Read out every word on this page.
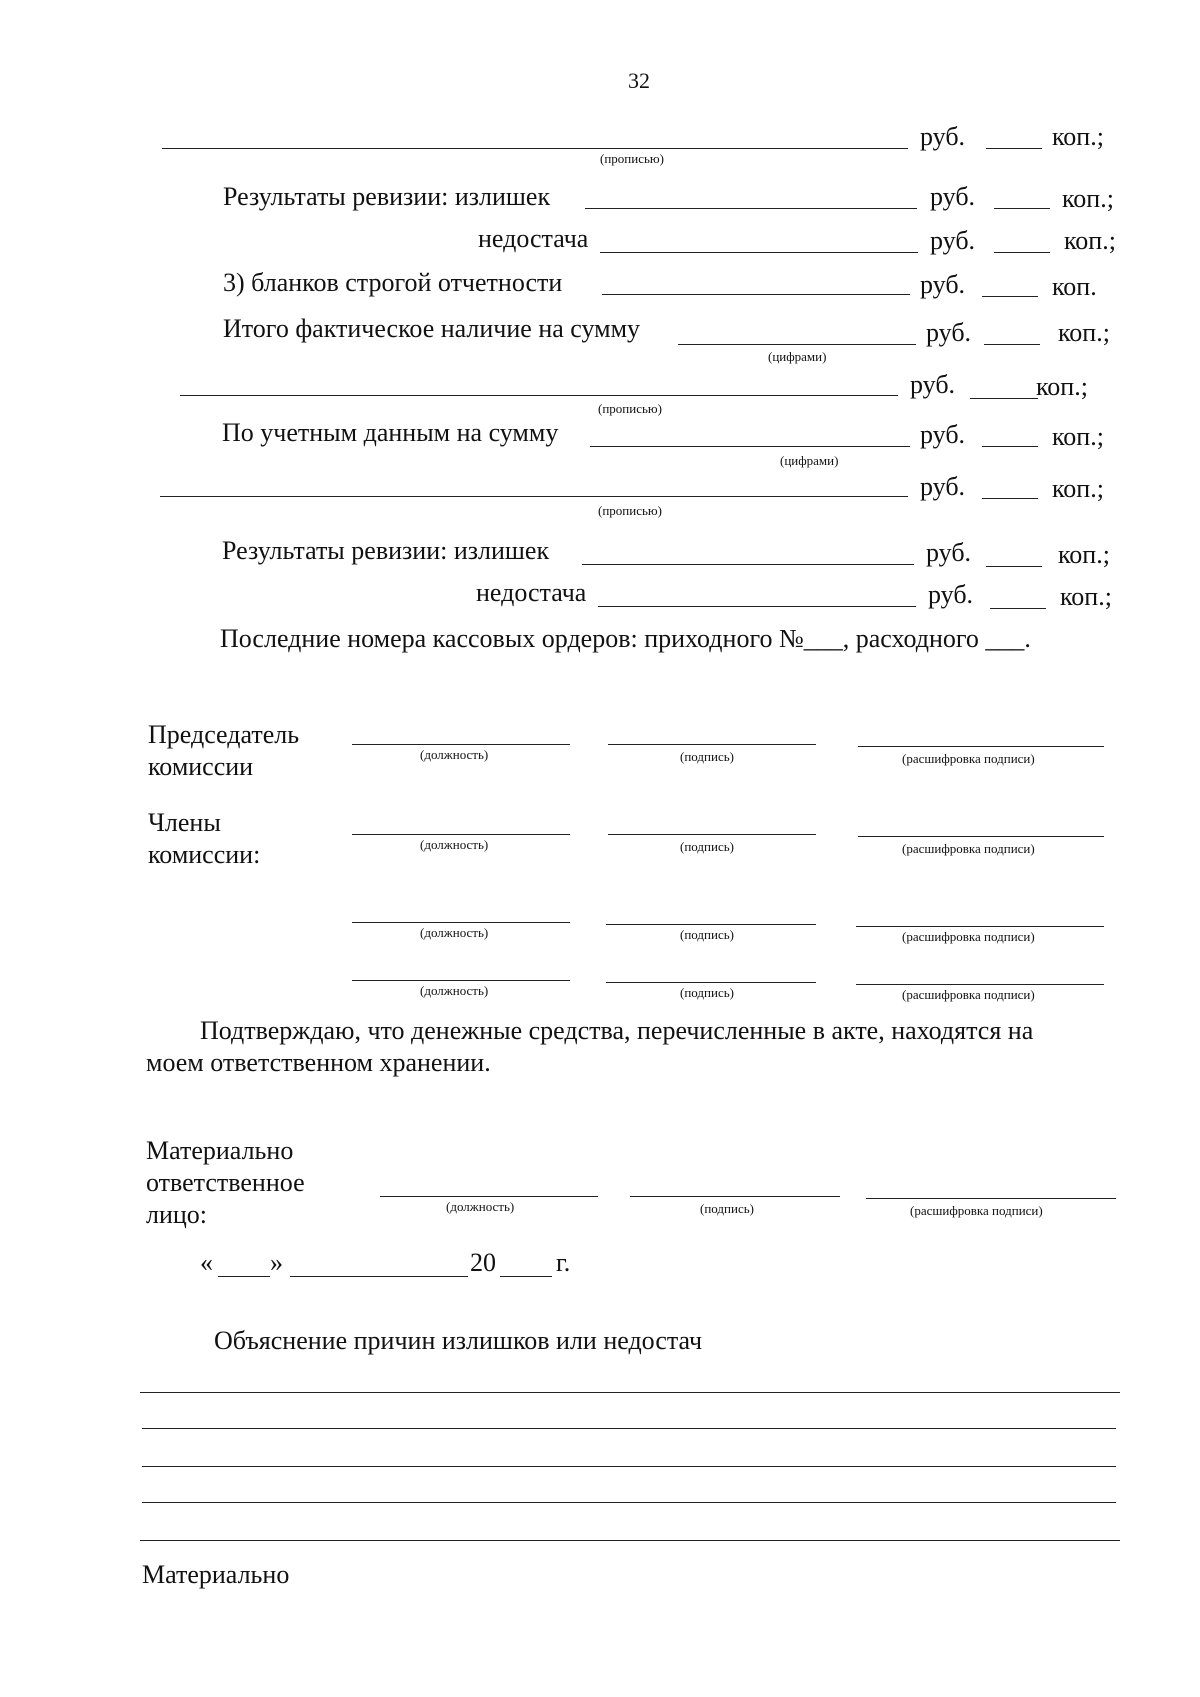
32
руб.	коп.;
(прописью)
Результаты ревизии: излишек	руб.	коп.;
недостача	руб.	коп.;
3) бланков строгой отчетности	руб.	коп.
Итого фактическое наличие на сумму	руб.	коп.;
(цифрами)
руб.	коп.;
(прописью)
По учетным данным на сумму	руб.	коп.;
(цифрами)
руб.	коп.;
(прописью)
Результаты ревизии: излишек	руб.	коп.;
недостача	руб.	коп.;
Последние номера кассовых ордеров: приходного №___, расходного ___.
Председатель
комиссии	(должность)	(подпись)	(расшифровка подписи)
Члены
комиссии:	(должность)	(подпись)	(расшифровка подписи)
(должность)	(подпись)	(расшифровка подписи)
(должность)	(подпись)	(расшифровка подписи)
Подтверждаю, что денежные средства, перечисленные в акте, находятся на
моем ответственном хранении.
Материально
ответственное
лицо:	(должность)	(подпись)	(расшифровка подписи)
« »	20 г.
Объяснение причин излишков или недостач
Материально
